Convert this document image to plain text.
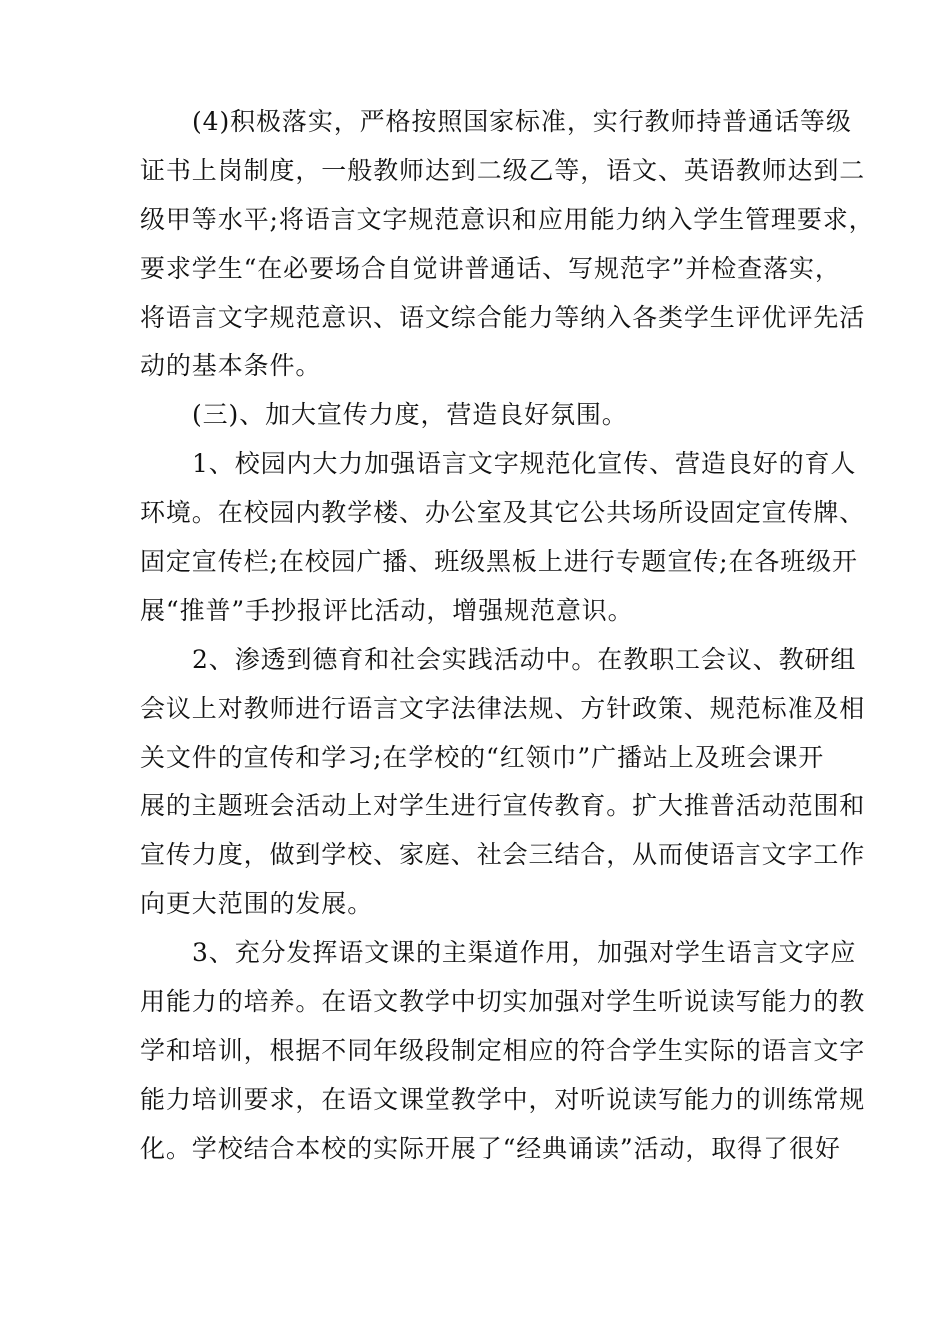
(4)积极落实，严格按照国家标准，实行教师持普通话等级
证书上岗制度，一般教师达到二级乙等，语文、英语教师达到二
级甲等水平;将语言文字规范意识和应用能力纳入学生管理要求，
要求学生“在必要场合自觉讲普通话、写规范字”并检查落实，
将语言文字规范意识、语文综合能力等纳入各类学生评优评先活
动的基本条件。
(三)、加大宣传力度，营造良好氛围。
1、校园内大力加强语言文字规范化宣传、营造良好的育人
环境。在校园内教学楼、办公室及其它公共场所设固定宣传牌、
固定宣传栏;在校园广播、班级黑板上进行专题宣传;在各班级开
展“推普”手抄报评比活动，增强规范意识。
2、渗透到德育和社会实践活动中。在教职工会议、教研组
会议上对教师进行语言文字法律法规、方针政策、规范标准及相
关文件的宣传和学习;在学校的“红领巾”广播站上及班会课开
展的主题班会活动上对学生进行宣传教育。扩大推普活动范围和
宣传力度，做到学校、家庭、社会三结合，从而使语言文字工作
向更大范围的发展。
3、充分发挥语文课的主渠道作用，加强对学生语言文字应
用能力的培养。在语文教学中切实加强对学生听说读写能力的教
学和培训，根据不同年级段制定相应的符合学生实际的语言文字
能力培训要求，在语文课堂教学中，对听说读写能力的训练常规
化。学校结合本校的实际开展了“经典诵读”活动，取得了很好
